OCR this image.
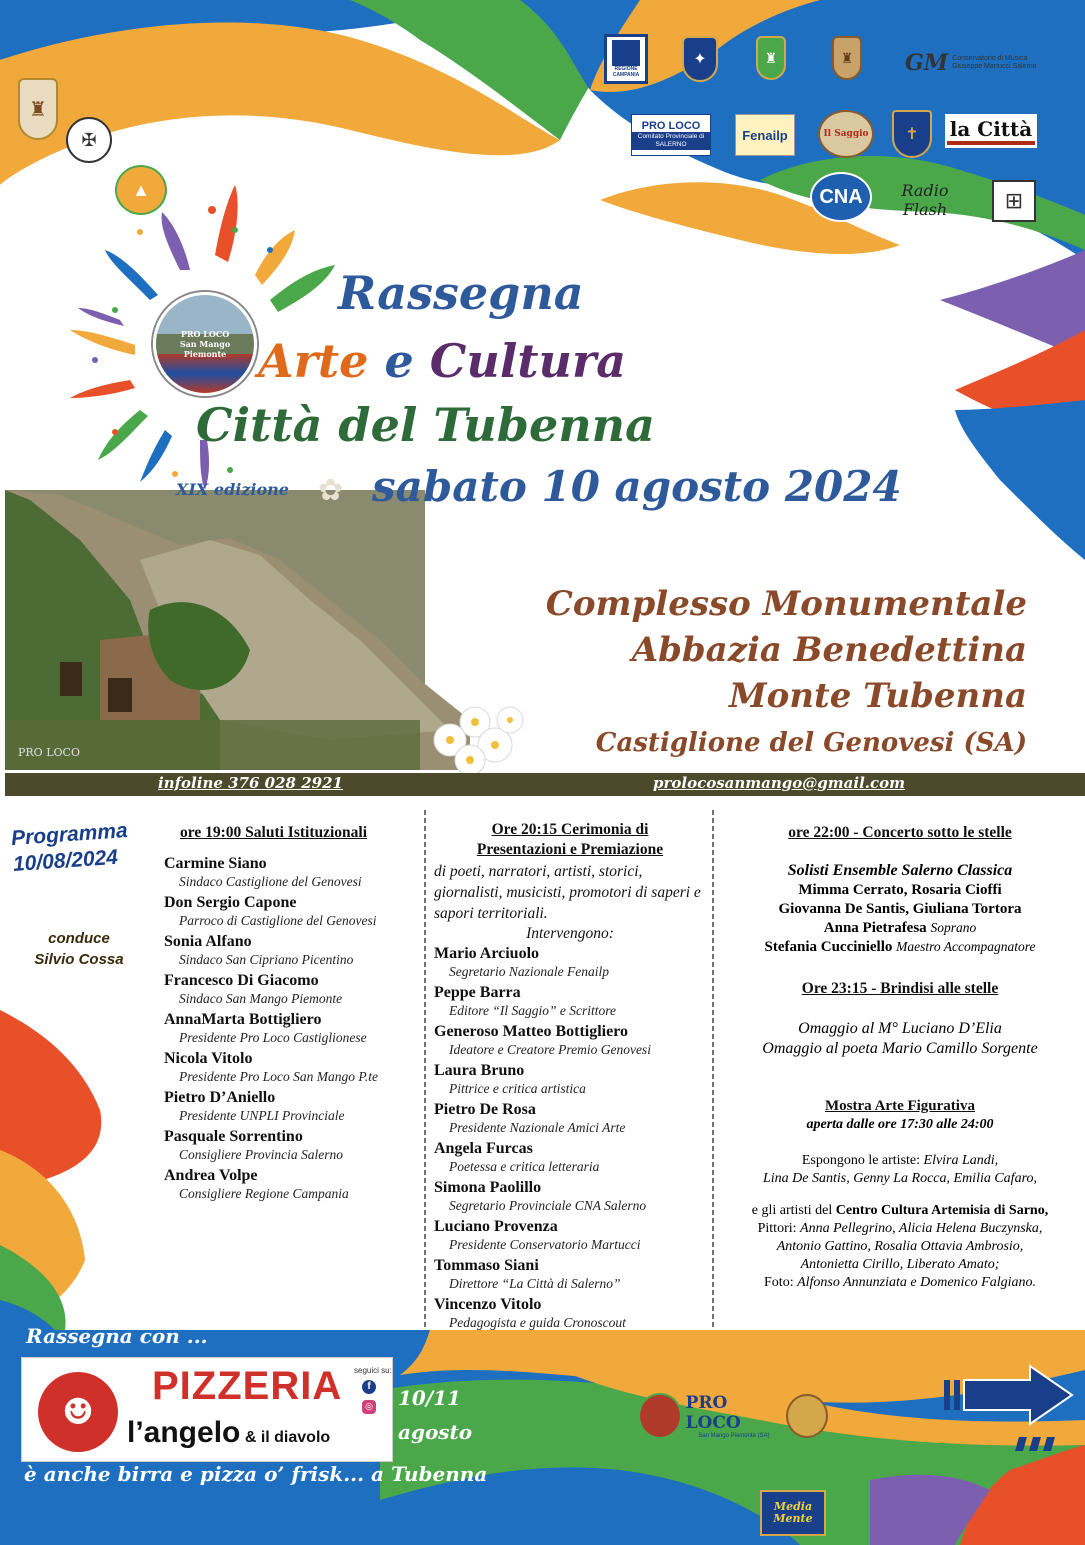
♜
✠
▲
REGIONE CAMPANIA
✦	♜	♜ GM Conservatorio di Musica Giuseppe Martucci Salerno
PRO LOCO
Comitato Provinciale di SALERNO
Fenailp	Il Saggio ✝ la Città
CNA	Radio Flash	⊞
PRO LOCO
San Mango
Piemonte
Rassegna
Arte e Cultura
Città del Tubenna
XIX edizione ✿ sabato 10 agosto 2024
Complesso Monumentale
Abbazia Benedettina
Monte Tubenna
Castiglione del Genovesi (SA)
PRO LOCO
infoline 376 028 2921	prolocosanmango@gmail.com
Programma
10/08/2024
conduce
Silvio Cossa
ore 19:00 Saluti Istituzionali
Carmine Siano
Sindaco Castiglione del Genovesi
Don Sergio Capone
Parroco di Castiglione del Genovesi
Sonia Alfano
Sindaco San Cipriano Picentino
Francesco Di Giacomo
Sindaco San Mango Piemonte
AnnaMarta Bottigliero
Presidente Pro Loco Castiglionese
Nicola Vitolo
Presidente Pro Loco San Mango P.te
Pietro D’Aniello
Presidente UNPLI Provinciale
Pasquale Sorrentino
Consigliere Provincia Salerno
Andrea Volpe
Consigliere Regione Campania
Ore 20:15 Cerimonia di
Presentazioni e Premiazione
di poeti, narratori, artisti, storici, giornalisti, musicisti, promotori di saperi e sapori territoriali.
Intervengono:
Mario Arciuolo
Segretario Nazionale Fenailp
Peppe Barra
Editore “Il Saggio” e Scrittore
Generoso Matteo Bottigliero
Ideatore e Creatore Premio Genovesi
Laura Bruno
Pittrice e critica artistica
Pietro De Rosa
Presidente Nazionale Amici Arte
Angela Furcas
Poetessa e critica letteraria
Simona Paolillo
Segretario Provinciale CNA Salerno
Luciano Provenza
Presidente Conservatorio Martucci
Tommaso Siani
Direttore “La Città di Salerno”
Vincenzo Vitolo
Pedagogista e guida Cronoscout
ore 22:00 - Concerto sotto le stelle
Solisti Ensemble Salerno Classica
Mimma Cerrato, Rosaria Cioffi
Giovanna De Santis, Giuliana Tortora
Anna Pietrafesa Soprano
Stefania Cucciniello Maestro Accompagnatore
Ore 23:15 - Brindisi alle stelle
Omaggio al M° Luciano D’Elia
Omaggio al poeta Mario Camillo Sorgente
Mostra Arte Figurativa
aperta dalle ore 17:30 alle 24:00
Espongono le artiste: Elvira Landi,
Lina De Santis, Genny La Rocca, Emilia Cafaro,
e gli artisti del Centro Cultura Artemisia di Sarno,
Pittori: Anna Pellegrino, Alicia Helena Buczynska,
Antonio Gattino, Rosalia Ottavia Ambrosio,
Antonietta Cirillo, Liberato Amato;
Foto: Alfonso Annunziata e Domenico Falgiano.
Rassegna con ...
☻
PIZZERIA seguici su:
f
◎
l’angelo & il diavolo
10/11
agosto
è anche birra e pizza o’ frisk... a Tubenna
PRO LOCO
San Mango Piemonte (SA)
Media Mente
